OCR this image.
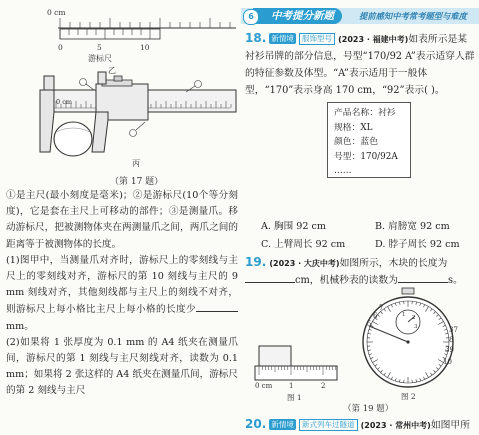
0 cm
0	5	10
游标尺
乙
0 cm
丙
（第 17 题）

①是主尺(最小刻度是毫米)；②是游标尺(10个等分刻度)，它是套在主尺上可移动的部件；③是测量爪。移动游标尺，把被测物体夹在两测量爪之间，两爪之间的距离等于被测物体的长度。

(1)图甲中，当测量爪对齐时，游标尺上的零刻线与主尺上的零刻线对齐，游标尺的第 10 刻线与主尺的 9 mm 刻线对齐，其他刻线都与主尺上的刻线不对齐，则游标尺上每小格比主尺上每小格的长度少mm。

(2)如果将 1 张厚度为 0.1 mm 的 A4 纸夹在测量爪间，游标尺的第 1 刻线与主尺刻线对齐，读数为 0.1 mm；如果将 2 张这样的 A4 纸夹在测量爪间，游标尺的第 2 刻线与主尺

中考提分新题
6	提前感知中考常考题型与难度
18. 新情境 服饰型号 (2023 · 福建中考)如表所示是某衬衫吊牌的部分信息，号型“170/92 A”表示适穿人群的特征参数及体型。“A”表示适用于一般体型，“170”表示身高 170 cm，“92”表示( )。
产品名称：衬衫
规格：XL
颜色：蓝色
号型：170/92A
……
A. 胸围 92 cm	B. 肩膀宽 92 cm
C. 上臂周长 92 cm	D. 脖子周长 92 cm
19. (2023 · 大庆中考)如图所示，木块的长度为
cm，机械秒表的读数为	s。
0 cm 1	2
图 1
7
6
5
37
8
39
10
1 2
3
图 2
（第 19 题）
20. 新情境 新式列车过隧道 (2023 · 常州中考)如图甲所
